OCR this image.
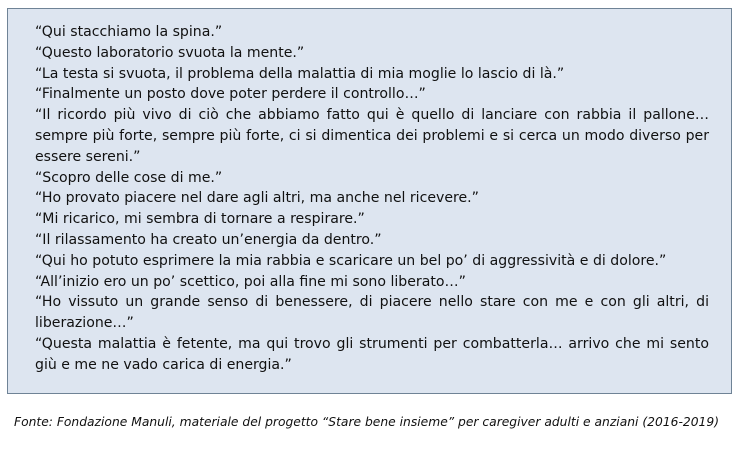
“Qui stacchiamo la spina.”

“Questo laboratorio svuota la mente.”

“La testa si svuota, il problema della malattia di mia moglie lo lascio di là.”

“Finalmente un posto dove poter perdere il controllo…”

“Il ricordo più vivo di ciò che abbiamo fatto qui è quello di lanciare con rabbia il pallone… sempre più forte, sempre più forte, ci si dimentica dei problemi e si cerca un modo diverso per essere sereni.”

“Scopro delle cose di me.”

“Ho provato piacere nel dare agli altri, ma anche nel ricevere.”

“Mi ricarico, mi sembra di tornare a respirare.”

“Il rilassamento ha creato un’energia da dentro.”

“Qui ho potuto esprimere la mia rabbia e scaricare un bel po’ di aggressività e di dolore.”

“All’inizio ero un po’ scettico, poi alla fine mi sono liberato…”

“Ho vissuto un grande senso di benessere, di piacere nello stare con me e con gli altri, di liberazione…”

“Questa malattia è fetente, ma qui trovo gli strumenti per combatterla… arrivo che mi sento giù e me ne vado carica di energia.”

Fonte: Fondazione Manuli, materiale del progetto “Stare bene insieme” per caregiver adulti e anziani (2016-2019)
